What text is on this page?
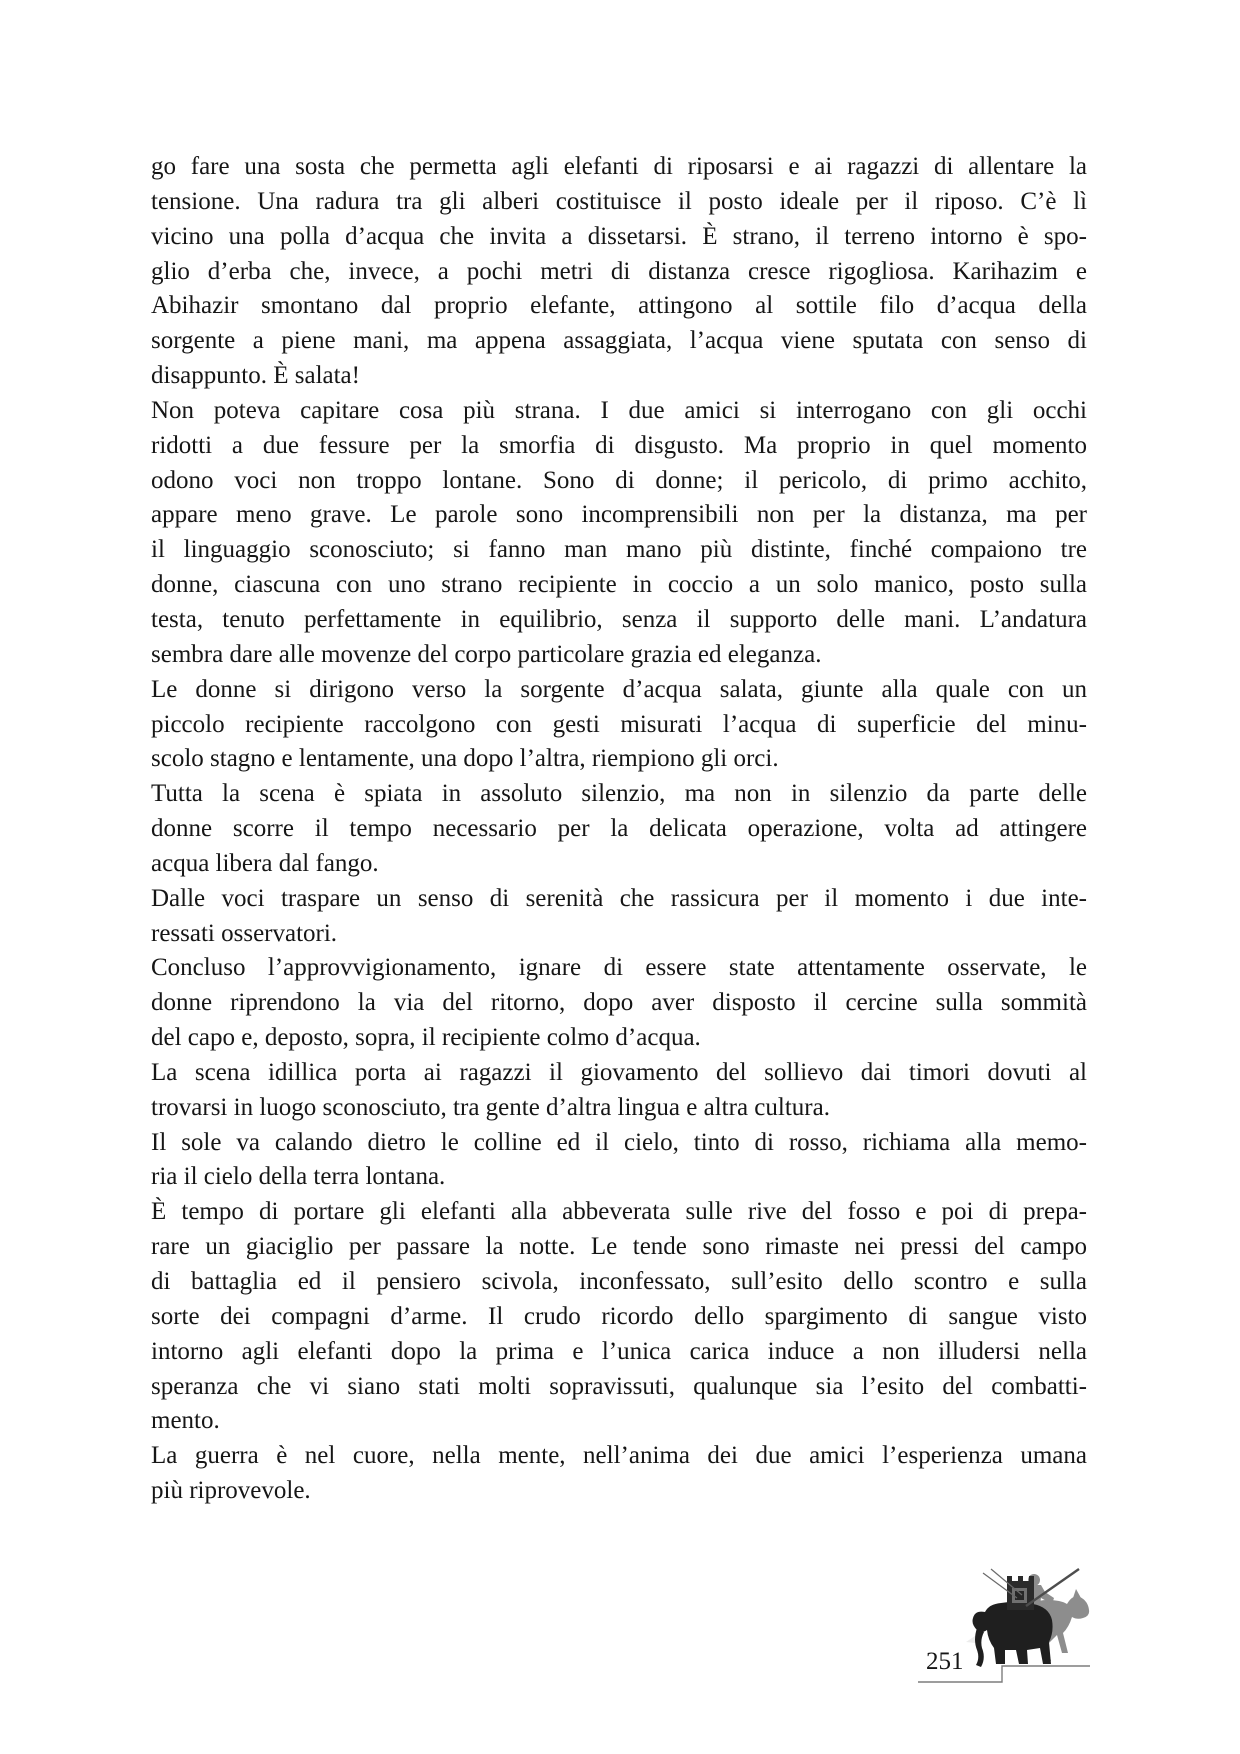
go fare una sosta che permetta agli elefanti di riposarsi e ai ragazzi di allentare la
tensione. Una radura tra gli alberi costituisce il posto ideale per il riposo. C’è lì
vicino una polla d’acqua che invita a dissetarsi. È strano, il terreno intorno è spo-
glio d’erba che, invece, a pochi metri di distanza cresce rigogliosa. Karihazim e
Abihazir smontano dal proprio elefante, attingono al sottile filo d’acqua della
sorgente a piene mani, ma appena assaggiata, l’acqua viene sputata con senso di
disappunto. È salata!
Non poteva capitare cosa più strana. I due amici si interrogano con gli occhi
ridotti a due fessure per la smorfia di disgusto. Ma proprio in quel momento
odono voci non troppo lontane. Sono di donne; il pericolo, di primo acchito,
appare meno grave. Le parole sono incomprensibili non per la distanza, ma per
il linguaggio sconosciuto; si fanno man mano più distinte, finché compaiono tre
donne, ciascuna con uno strano recipiente in coccio a un solo manico, posto sulla
testa, tenuto perfettamente in equilibrio, senza il supporto delle mani. L’andatura
sembra dare alle movenze del corpo particolare grazia ed eleganza.
Le donne si dirigono verso la sorgente d’acqua salata, giunte alla quale con un
piccolo recipiente raccolgono con gesti misurati l’acqua di superficie del minu-
scolo stagno e lentamente, una dopo l’altra, riempiono gli orci.
Tutta la scena è spiata in assoluto silenzio, ma non in silenzio da parte delle
donne scorre il tempo necessario per la delicata operazione, volta ad attingere
acqua libera dal fango.
Dalle voci traspare un senso di serenità che rassicura per il momento i due inte-
ressati osservatori.
Concluso l’approvvigionamento, ignare di essere state attentamente osservate, le
donne riprendono la via del ritorno, dopo aver disposto il cercine sulla sommità
del capo e, deposto, sopra, il recipiente colmo d’acqua.
La scena idillica porta ai ragazzi il giovamento del sollievo dai timori dovuti al
trovarsi in luogo sconosciuto, tra gente d’altra lingua e altra cultura.
Il sole va calando dietro le colline ed il cielo, tinto di rosso, richiama alla memo-
ria il cielo della terra lontana.
È tempo di portare gli elefanti alla abbeverata sulle rive del fosso e poi di prepa-
rare un giaciglio per passare la notte. Le tende sono rimaste nei pressi del campo
di battaglia ed il pensiero scivola, inconfessato, sull’esito dello scontro e sulla
sorte dei compagni d’arme. Il crudo ricordo dello spargimento di sangue visto
intorno agli elefanti dopo la prima e l’unica carica induce a non illudersi nella
speranza che vi siano stati molti sopravissuti, qualunque sia l’esito del combatti-
mento.
La guerra è nel cuore, nella mente, nell’anima dei due amici l’esperienza umana
più riprovevole.
251
